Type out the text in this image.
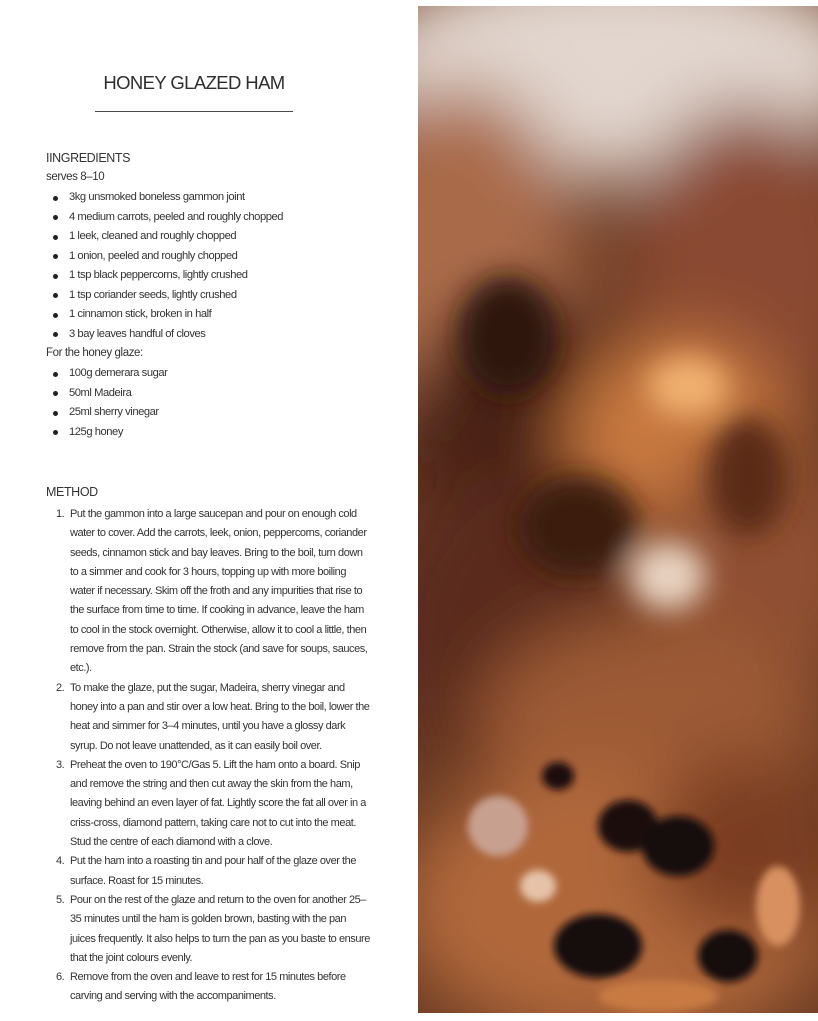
HONEY GLAZED HAM
IINGREDIENTS
serves 8–10
3kg unsmoked boneless gammon joint
4 medium carrots, peeled and roughly chopped
1 leek, cleaned and roughly chopped
1 onion, peeled and roughly chopped
1 tsp black peppercorns, lightly crushed
1 tsp coriander seeds, lightly crushed
1 cinnamon stick, broken in half
3 bay leaves handful of cloves
For the honey glaze:
100g demerara sugar
50ml Madeira
25ml sherry vinegar
125g honey
METHOD
1. Put the gammon into a large saucepan and pour on enough cold water to cover. Add the carrots, leek, onion, peppercorns, coriander seeds, cinnamon stick and bay leaves. Bring to the boil, turn down to a simmer and cook for 3 hours, topping up with more boiling water if necessary. Skim off the froth and any impurities that rise to the surface from time to time. If cooking in advance, leave the ham to cool in the stock overnight. Otherwise, allow it to cool a little, then remove from the pan. Strain the stock (and save for soups, sauces, etc.).
2. To make the glaze, put the sugar, Madeira, sherry vinegar and honey into a pan and stir over a low heat. Bring to the boil, lower the heat and simmer for 3–4 minutes, until you have a glossy dark syrup. Do not leave unattended, as it can easily boil over.
3. Preheat the oven to 190°C/Gas 5. Lift the ham onto a board. Snip and remove the string and then cut away the skin from the ham, leaving behind an even layer of fat. Lightly score the fat all over in a criss-cross, diamond pattern, taking care not to cut into the meat. Stud the centre of each diamond with a clove.
4. Put the ham into a roasting tin and pour half of the glaze over the surface. Roast for 15 minutes.
5. Pour on the rest of the glaze and return to the oven for another 25–35 minutes until the ham is golden brown, basting with the pan juices frequently. It also helps to turn the pan as you baste to ensure that the joint colours evenly.
6. Remove from the oven and leave to rest for 15 minutes before carving and serving with the accompaniments.
